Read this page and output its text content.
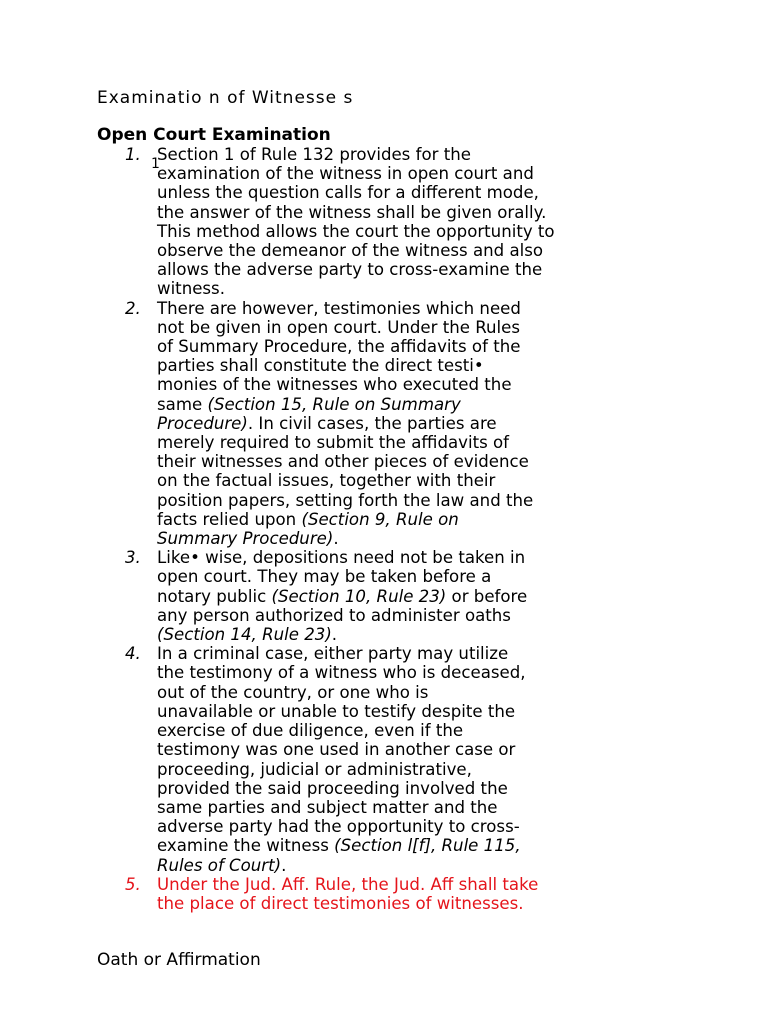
Examinatio n of Witnesse s
Open Court Examination
1
1. Section 1 of Rule 132 provides for the
examination of the witness in open court and
unless the question calls for a different mode,
the answer of the witness shall be given orally.
This method allows the court the opportunity to
observe the demeanor of the witness and also
allows the adverse party to cross-examine the
witness.
2. There are however, testimonies which need
not be given in open court. Under the Rules
of Summary Procedure, the affidavits of the
parties shall constitute the direct testi•
monies of the witnesses who executed the
same (Section 15, Rule on Summary
Procedure). In civil cases, the parties are
merely required to submit the affidavits of
their witnesses and other pieces of evidence
on the factual issues, together with their
position papers, setting forth the law and the
facts relied upon (Section 9, Rule on
Summary Procedure).
3. Like• wise, depositions need not be taken in
open court. They may be taken before a
notary public (Section 10, Rule 23) or before
any person authorized to administer oaths
(Section 14, Rule 23).
4. In a criminal case, either party may utilize
the testimony of a witness who is deceased,
out of the country, or one who is
unavailable or unable to testify despite the
exercise of due diligence, even if the
testimony was one used in another case or
proceeding, judicial or administrative,
provided the said proceeding involved the
same parties and subject matter and the
adverse party had the opportunity to cross-
examine the witness (Section l[f], Rule 115,
Rules of Court).
5. Under the Jud. Aff. Rule, the Jud. Aff shall take
the place of direct testimonies of witnesses.
Oath or Affirmation
